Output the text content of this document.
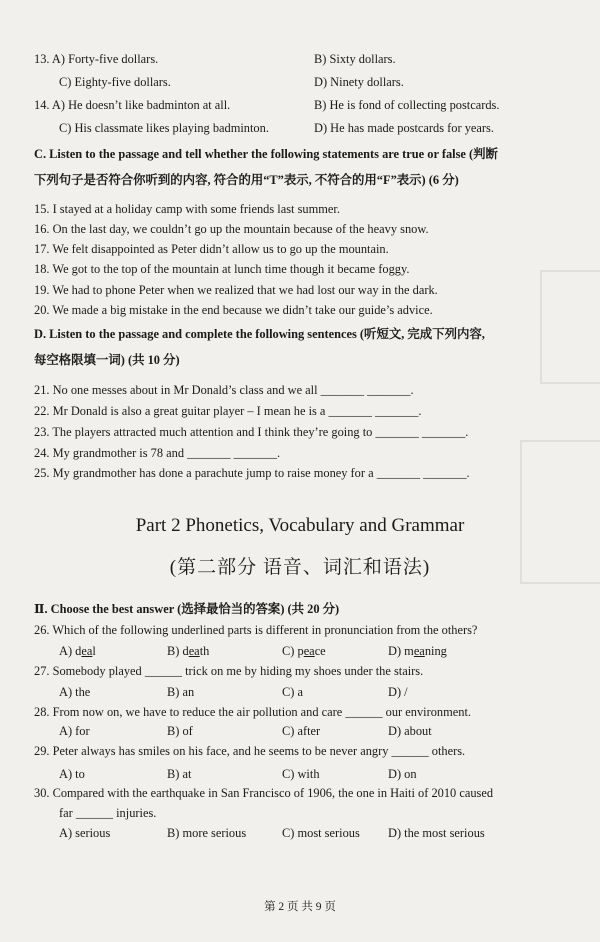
13. A) Forty-five dollars.	B) Sixty dollars.
C) Eighty-five dollars.	D) Ninety dollars.
14. A) He doesn’t like badminton at all.	B) He is fond of collecting postcards.
C) His classmate likes playing badminton.	D) He has made postcards for years.
C. Listen to the passage and tell whether the following statements are true or false (判断
下列句子是否符合你听到的内容, 符合的用“T”表示, 不符合的用“F”表示) (6 分)
15. I stayed at a holiday camp with some friends last summer.
16. On the last day, we couldn’t go up the mountain because of the heavy snow.
17. We felt disappointed as Peter didn’t allow us to go up the mountain.
18. We got to the top of the mountain at lunch time though it became foggy.
19. We had to phone Peter when we realized that we had lost our way in the dark.
20. We made a big mistake in the end because we didn’t take our guide’s advice.
D. Listen to the passage and complete the following sentences (听短文, 完成下列内容,
每空格限填一词) (共 10 分)
21. No one messes about in Mr Donald’s class and we all _______ _______.
22. Mr Donald is also a great guitar player – I mean he is a _______ _______.
23. The players attracted much attention and I think they’re going to _______ _______.
24. My grandmother is 78 and _______ _______.
25. My grandmother has done a parachute jump to raise money for a _______ _______.
Part 2 Phonetics, Vocabulary and Grammar
(第二部分 语音、词汇和语法)
Ⅱ. Choose the best answer (选择最恰当的答案) (共 20 分)
26. Which of the following underlined parts is different in pronunciation from the others?
A) deal	B) death	C) peace	D) meaning
27. Somebody played ______ trick on me by hiding my shoes under the stairs.
A) the	B) an	C) a	D) /
28. From now on, we have to reduce the air pollution and care ______ our environment.
A) for	B) of	C) after	D) about
29. Peter always has smiles on his face, and he seems to be never angry ______ others.
A) to	B) at	C) with	D) on
30. Compared with the earthquake in San Francisco of 1906, the one in Haiti of 2010 caused
far ______ injuries.
A) serious	B) more serious	C) most serious D) the most serious
第 2 页 共 9 页
